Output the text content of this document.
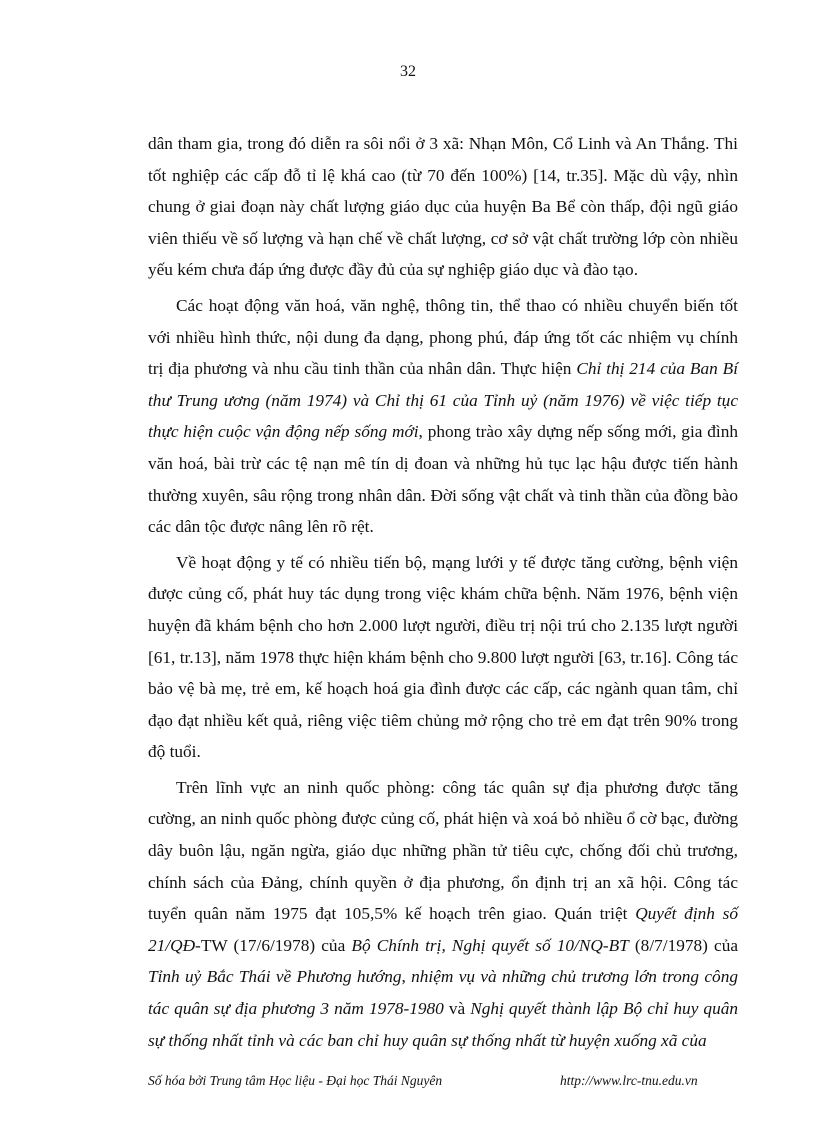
32

dân tham gia, trong đó diễn ra sôi nổi ở 3 xã: Nhạn Môn, Cổ Linh và An Thắng. Thi tốt nghiệp các cấp đỗ tỉ lệ khá cao (từ 70 đến 100%) [14, tr.35]. Mặc dù vậy, nhìn chung ở giai đoạn này chất lượng giáo dục của huyện Ba Bể còn thấp, đội ngũ giáo viên thiếu về số lượng và hạn chế về chất lượng, cơ sở vật chất trường lớp còn nhiều yếu kém chưa đáp ứng được đầy đủ của sự nghiệp giáo dục và đào tạo.

Các hoạt động văn hoá, văn nghệ, thông tin, thể thao có nhiều chuyển biến tốt với nhiều hình thức, nội dung đa dạng, phong phú, đáp ứng tốt các nhiệm vụ chính trị địa phương và nhu cầu tinh thần của nhân dân. Thực hiện Chỉ thị 214 của Ban Bí thư Trung ương (năm 1974) và Chỉ thị 61 của Tỉnh uỷ (năm 1976) về việc tiếp tục thực hiện cuộc vận động nếp sống mới, phong trào xây dựng nếp sống mới, gia đình văn hoá, bài trừ các tệ nạn mê tín dị đoan và những hủ tục lạc hậu được tiến hành thường xuyên, sâu rộng trong nhân dân. Đời sống vật chất và tinh thần của đồng bào các dân tộc được nâng lên rõ rệt.

Về hoạt động y tế có nhiều tiến bộ, mạng lưới y tế được tăng cường, bệnh viện được củng cố, phát huy tác dụng trong việc khám chữa bệnh. Năm 1976, bệnh viện huyện đã khám bệnh cho hơn 2.000 lượt người, điều trị nội trú cho 2.135 lượt người [61, tr.13], năm 1978 thực hiện khám bệnh cho 9.800 lượt người [63, tr.16]. Công tác bảo vệ bà mẹ, trẻ em, kế hoạch hoá gia đình được các cấp, các ngành quan tâm, chỉ đạo đạt nhiều kết quả, riêng việc tiêm chủng mở rộng cho trẻ em đạt trên 90% trong độ tuổi.

Trên lĩnh vực an ninh quốc phòng: công tác quân sự địa phương được tăng cường, an ninh quốc phòng được củng cố, phát hiện và xoá bỏ nhiều ổ cờ bạc, đường dây buôn lậu, ngăn ngừa, giáo dục những phần tử tiêu cực, chống đối chủ trương, chính sách của Đảng, chính quyền ở địa phương, ổn định trị an xã hội. Công tác tuyển quân năm 1975 đạt 105,5% kế hoạch trên giao. Quán triệt Quyết định số 21/QĐ-TW (17/6/1978) của Bộ Chính trị, Nghị quyết số 10/NQ-BT (8/7/1978) của Tỉnh uỷ Bắc Thái về Phương hướng, nhiệm vụ và những chủ trương lớn trong công tác quân sự địa phương 3 năm 1978-1980 và Nghị quyết thành lập Bộ chỉ huy quân sự thống nhất tỉnh và các ban chỉ huy quân sự thống nhất từ huyện xuống xã của

Số hóa bởi Trung tâm Học liệu - Đại học Thái Nguyên	http://www.lrc-tnu.edu.vn
